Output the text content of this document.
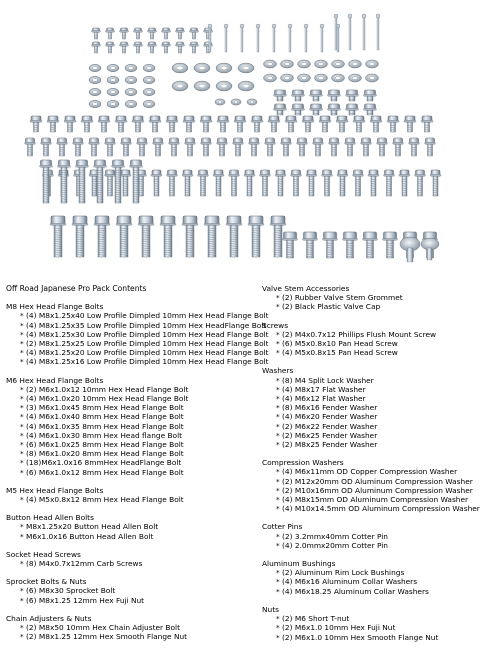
Off Road Japanese Pro Pack Contents
M8 Hex Head Flange Bolts
* (4) M8x1.25x40 Low Profile Dimpled 10mm Hex Head Flange Bolt
* (4) M8x1.25x35 Low Profile Dimpled 10mm Hex HeadFlange Bolt
* (4) M8x1.25x30 Low Profile Dimpled 10mm Hex Head Flange Bolt
* (2) M8x1.25x25 Low Profile Dimpled 10mm Hex Head Flange Bolt
* (4) M8x1.25x20 Low Profile Dimpled 10mm Hex Head Flange Bolt
* (4) M8x1.25x16 Low Profile Dimpled 10mm Hex Head Flange Bolt
M6 Hex Head Flange Bolts
* (2) M6x1.0x12 10mm Hex Head Flange Bolt
* (4) M6x1.0x20 10mm Hex Head Flange Bolt
* (3) M6x1.0x45 8mm Hex Head Flange Bolt
* (4) M6x1.0x40 8mm Hex Head Flange Bolt
* (4) M6x1.0x35 8mm Hex Head Flange Bolt
* (4) M6x1.0x30 8mm Hex Head flange Bolt
* (6) M6x1.0x25 8mm Hex Head Flange Bolt
* (8) M6x1.0x20 8mm Hex Head Flange Bolt
* (18)M6x1.0x16 8mmHex HeadFlange Bolt
* (6) M6x1.0x12 8mm Hex Head Flange Bolt
M5 Hex Head Flange Bolts
* (4) M5x0.8x12 8mm Hex Head Flange Bolt
Button Head Allen Bolts
* M8x1.25x20 Button Head Allen Bolt
* M6x1.0x16 Button Head Allen Bolt
Socket Head Screws
* (8) M4x0.7x12mm Carb Screws
Sprocket Bolts & Nuts
* (6) M8x30 Sprocket Bolt
* (6) M8x1.25 12mm Hex Fuji Nut
Chain Adjusters & Nuts
* (2) M8x50 10mm Hex Chain Adjuster Bolt
* (2) M8x1.25 12mm Hex Smooth Flange Nut
Valve Stem Accessories
* (2) Rubber Valve Stem Grommet
* (2) Black Plastic Valve Cap
Screws
* (2) M4x0.7x12 Phillips Flush Mount Screw
* (6) M5x0.8x10 Pan Head Screw
* (4) M5x0.8x15 Pan Head Screw
Washers
* (8) M4 Split Lock Washer
* (4) M8x17 Flat Washer
* (4) M6x12 Flat Washer
* (8) M6x16 Fender Washer
* (4) M6x20 Fender Washer
* (2) M6x22 Fender Washer
* (2) M6x25 Fender Washer
* (2) M8x25 Fender Washer
Compression Washers
* (4) M6x11mm OD Copper Compression Washer
* (2) M12x20mm OD Aluminum Compression Washer
* (2) M10x16mm OD Aluminum Compression Washer
* (4) M8x15mm OD Aluminum Compression Washer
* (4) M10x14.5mm OD Aluminum Compression Washer
Cotter Pins
* (2) 3.2mmx40mm Cotter Pin
* (4) 2.0mmx20mm Cotter Pin
Aluminum Bushings
* (2) Aluminum Rim Lock Bushings
* (4) M6x16 Aluminum Collar Washers
* (4) M6x18.25 Aluminum Collar Washers
Nuts
* (2) M6 Short T-nut
* (2) M6x1.0 10mm Hex Fuji Nut
* (2) M6x1.0 10mm Hex Smooth Flange Nut
